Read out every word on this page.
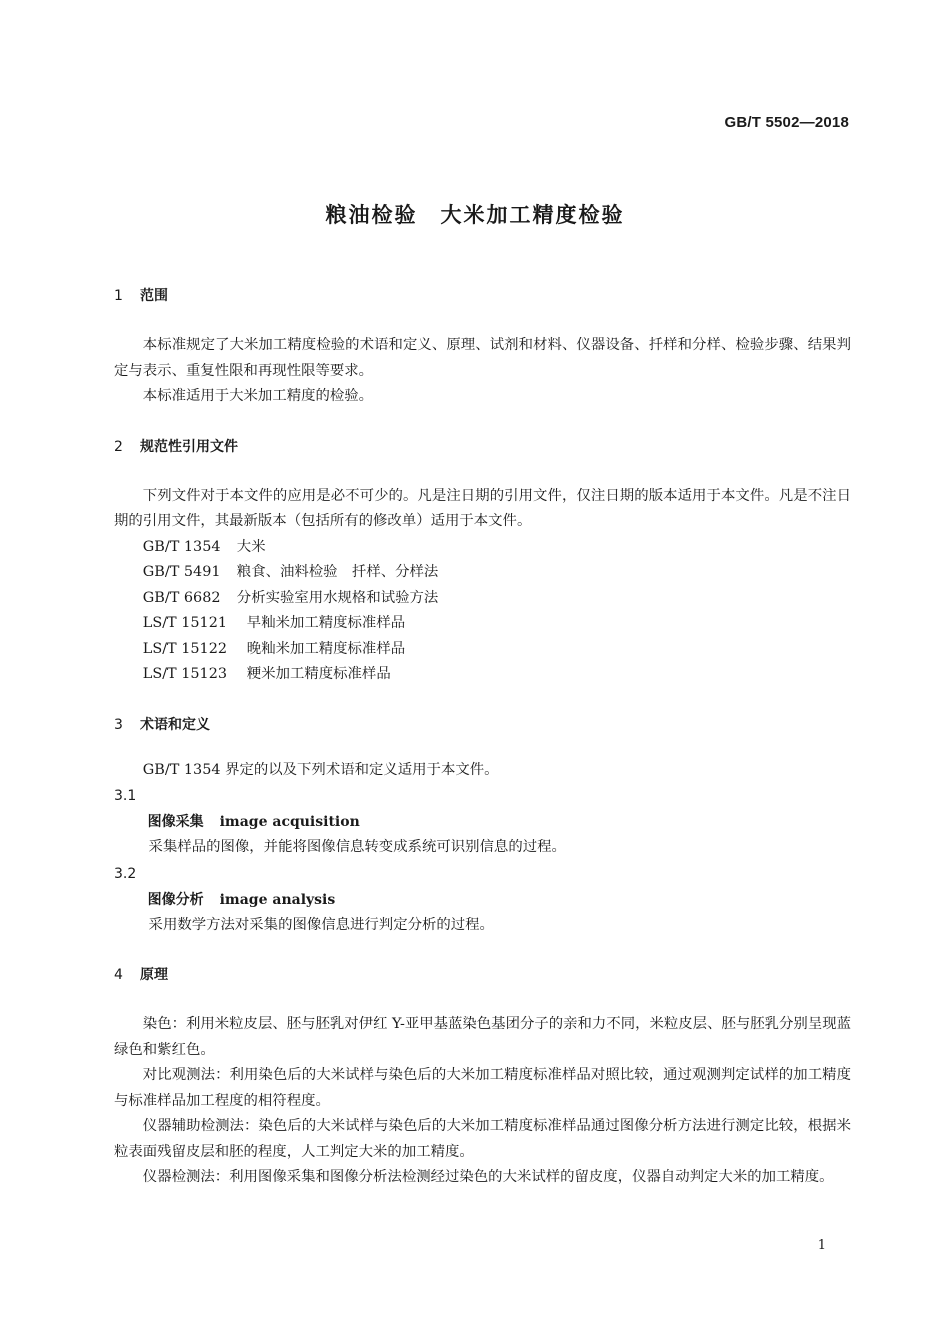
GB/T 5502—2018
粮油检验　大米加工精度检验
1 范围

本标准规定了大米加工精度检验的术语和定义、原理、试剂和材料、仪器设备、扦样和分样、检验步骤、结果判定与表示、重复性限和再现性限等要求。

本标准适用于大米加工精度的检验。

2 规范性引用文件

下列文件对于本文件的应用是必不可少的。凡是注日期的引用文件，仅注日期的版本适用于本文件。凡是不注日期的引用文件，其最新版本（包括所有的修改单）适用于本文件。

GB/T 1354 大米

GB/T 5491 粮食、油料检验　扦样、分样法

GB/T 6682 分析实验室用水规格和试验方法

LS/T 15121 早籼米加工精度标准样品

LS/T 15122 晚籼米加工精度标准样品

LS/T 15123 粳米加工精度标准样品

3 术语和定义

GB/T 1354 界定的以及下列术语和定义适用于本文件。

3.1

图像采集 image acquisition

采集样品的图像，并能将图像信息转变成系统可识别信息的过程。

3.2

图像分析 image analysis

采用数学方法对采集的图像信息进行判定分析的过程。

4 原理

染色：利用米粒皮层、胚与胚乳对伊红 Y-亚甲基蓝染色基团分子的亲和力不同，米粒皮层、胚与胚乳分别呈现蓝绿色和紫红色。

对比观测法：利用染色后的大米试样与染色后的大米加工精度标准样品对照比较，通过观测判定试样的加工精度与标准样品加工程度的相符程度。

仪器辅助检测法：染色后的大米试样与染色后的大米加工精度标准样品通过图像分析方法进行测定比较，根据米粒表面残留皮层和胚的程度，人工判定大米的加工精度。

仪器检测法：利用图像采集和图像分析法检测经过染色的大米试样的留皮度，仪器自动判定大米的加工精度。

1
